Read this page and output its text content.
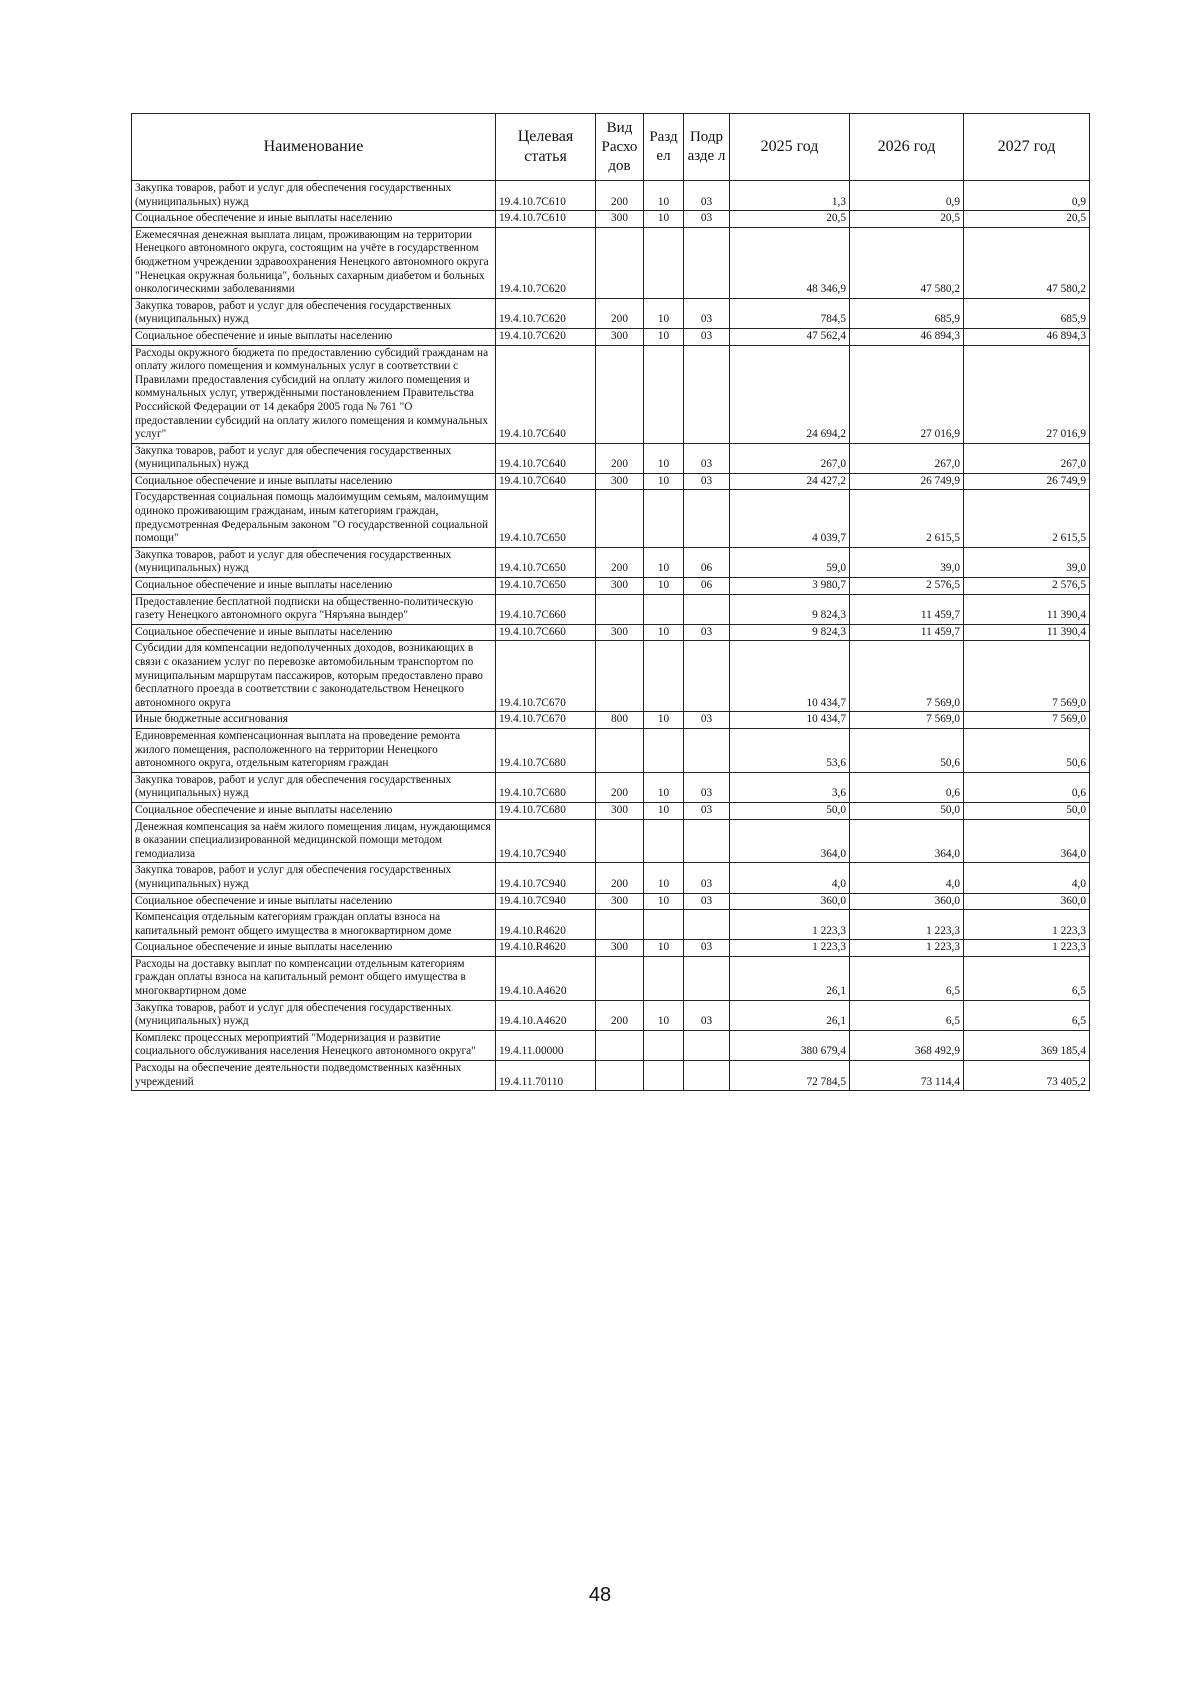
Наименование	Целевая статья	Вид Расхо дов	Разд ел	Подр азде л	2025 год	2026 год	2027 год
Закупка товаров, работ и услуг для обеспечения государственных (муниципальных) нужд	19.4.10.7С610	200	10	03	1,3	0,9	0,9
Социальное обеспечение и иные выплаты населению	19.4.10.7С610	300	10	03	20,5	20,5	20,5
Ежемесячная денежная выплата лицам, проживающим на территории Ненецкого автономного округа, состоящим на учёте в государственном бюджетном учреждении здравоохранения Ненецкого автономного округа "Ненецкая окружная больница", больных сахарным диабетом и больных онкологическими заболеваниями	19.4.10.7С620				48 346,9	47 580,2	47 580,2
Закупка товаров, работ и услуг для обеспечения государственных (муниципальных) нужд	19.4.10.7С620	200	10	03	784,5	685,9	685,9
Социальное обеспечение и иные выплаты населению	19.4.10.7С620	300	10	03	47 562,4	46 894,3	46 894,3
Расходы окружного бюджета по предоставлению субсидий гражданам на оплату жилого помещения и коммунальных услуг в соответствии с Правилами предоставления субсидий на оплату жилого помещения и коммунальных услуг, утверждёнными постановлением Правительства Российской Федерации от 14 декабря 2005 года № 761 "О предоставлении субсидий на оплату жилого помещения и коммунальных услуг"	19.4.10.7С640				24 694,2	27 016,9	27 016,9
Закупка товаров, работ и услуг для обеспечения государственных (муниципальных) нужд	19.4.10.7С640	200	10	03	267,0	267,0	267,0
Социальное обеспечение и иные выплаты населению	19.4.10.7С640	300	10	03	24 427,2	26 749,9	26 749,9
Государственная социальная помощь малоимущим семьям, малоимущим одиноко проживающим гражданам, иным категориям граждан, предусмотренная Федеральным законом "О государственной социальной помощи"	19.4.10.7С650				4 039,7	2 615,5	2 615,5
Закупка товаров, работ и услуг для обеспечения государственных (муниципальных) нужд	19.4.10.7С650	200	10	06	59,0	39,0	39,0
Социальное обеспечение и иные выплаты населению	19.4.10.7С650	300	10	06	3 980,7	2 576,5	2 576,5
Предоставление бесплатной подписки на общественно-политическую газету Ненецкого автономного округа "Няръяна вындер"	19.4.10.7С660				9 824,3	11 459,7	11 390,4
Социальное обеспечение и иные выплаты населению	19.4.10.7С660	300	10	03	9 824,3	11 459,7	11 390,4
Субсидии для компенсации недополученных доходов, возникающих в связи с оказанием услуг по перевозке автомобильным транспортом по муниципальным маршрутам пассажиров, которым предоставлено право бесплатного проезда в соответствии с законодательством Ненецкого автономного округа	19.4.10.7С670				10 434,7	7 569,0	7 569,0
Иные бюджетные ассигнования	19.4.10.7С670	800	10	03	10 434,7	7 569,0	7 569,0
Единовременная компенсационная выплата на проведение ремонта жилого помещения, расположенного на территории Ненецкого автономного округа, отдельным категориям граждан	19.4.10.7С680				53,6	50,6	50,6
Закупка товаров, работ и услуг для обеспечения государственных (муниципальных) нужд	19.4.10.7С680	200	10	03	3,6	0,6	0,6
Социальное обеспечение и иные выплаты населению	19.4.10.7С680	300	10	03	50,0	50,0	50,0
Денежная компенсация за наём жилого помещения лицам, нуждающимся в оказании специализированной медицинской помощи методом гемодиализа	19.4.10.7С940				364,0	364,0	364,0
Закупка товаров, работ и услуг для обеспечения государственных (муниципальных) нужд	19.4.10.7С940	200	10	03	4,0	4,0	4,0
Социальное обеспечение и иные выплаты населению	19.4.10.7С940	300	10	03	360,0	360,0	360,0
Компенсация отдельным категориям граждан оплаты взноса на капитальный ремонт общего имущества в многоквартирном доме	19.4.10.R4620				1 223,3	1 223,3	1 223,3
Социальное обеспечение и иные выплаты населению	19.4.10.R4620	300	10	03	1 223,3	1 223,3	1 223,3
Расходы на доставку выплат по компенсации отдельным категориям граждан оплаты взноса на капитальный ремонт общего имущества в многоквартирном доме	19.4.10.A4620				26,1	6,5	6,5
Закупка товаров, работ и услуг для обеспечения государственных (муниципальных) нужд	19.4.10.A4620	200	10	03	26,1	6,5	6,5
Комплекс процессных мероприятий "Модернизация и развитие социального обслуживания населения Ненецкого автономного округа"	19.4.11.00000				380 679,4	368 492,9	369 185,4
Расходы на обеспечение деятельности подведомственных казённых учреждений	19.4.11.70110				72 784,5	73 114,4	73 405,2
48
